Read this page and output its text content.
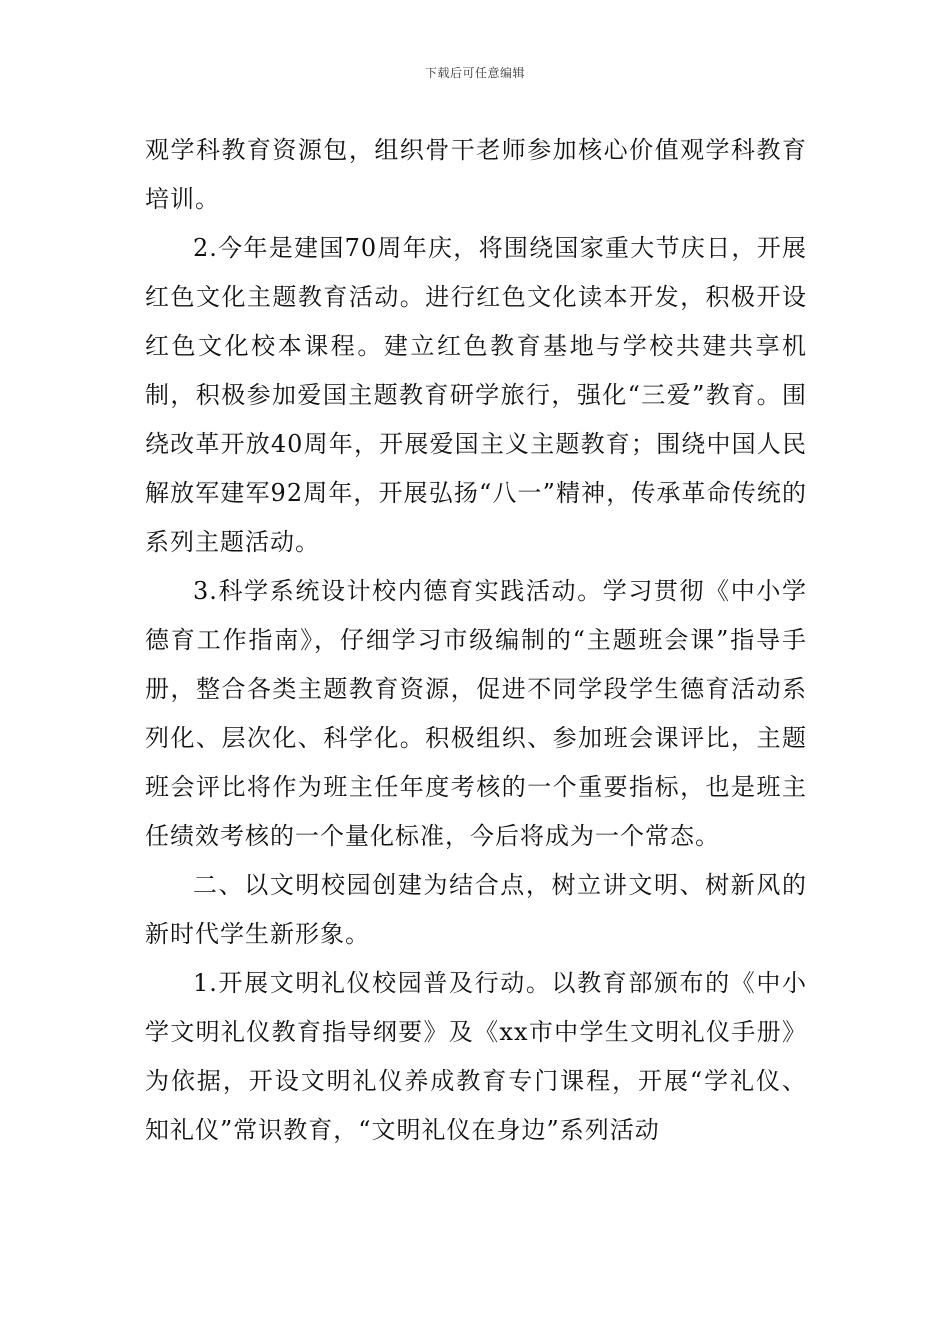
下载后可任意编辑

观学科教育资源包，组织骨干老师参加核心价值观学科教育培训。

2.今年是建国70周年庆，将围绕国家重大节庆日，开展红色文化主题教育活动。进行红色文化读本开发，积极开设红色文化校本课程。建立红色教育基地与学校共建共享机制，积极参加爱国主题教育研学旅行，强化“三爱”教育。围绕改革开放40周年，开展爱国主义主题教育；围绕中国人民解放军建军92周年，开展弘扬“八一”精神，传承革命传统的系列主题活动。

3.科学系统设计校内德育实践活动。学习贯彻《中小学德育工作指南》，仔细学习市级编制的“主题班会课”指导手册，整合各类主题教育资源，促进不同学段学生德育活动系列化、层次化、科学化。积极组织、参加班会课评比，主题班会评比将作为班主任年度考核的一个重要指标，也是班主任绩效考核的一个量化标准，今后将成为一个常态。

二、以文明校园创建为结合点，树立讲文明、树新风的新时代学生新形象。

1.开展文明礼仪校园普及行动。以教育部颁布的《中小学文明礼仪教育指导纲要》及《xx市中学生文明礼仪手册》为依据，开设文明礼仪养成教育专门课程，开展“学礼仪、知礼仪”常识教育，“文明礼仪在身边”系列活动
